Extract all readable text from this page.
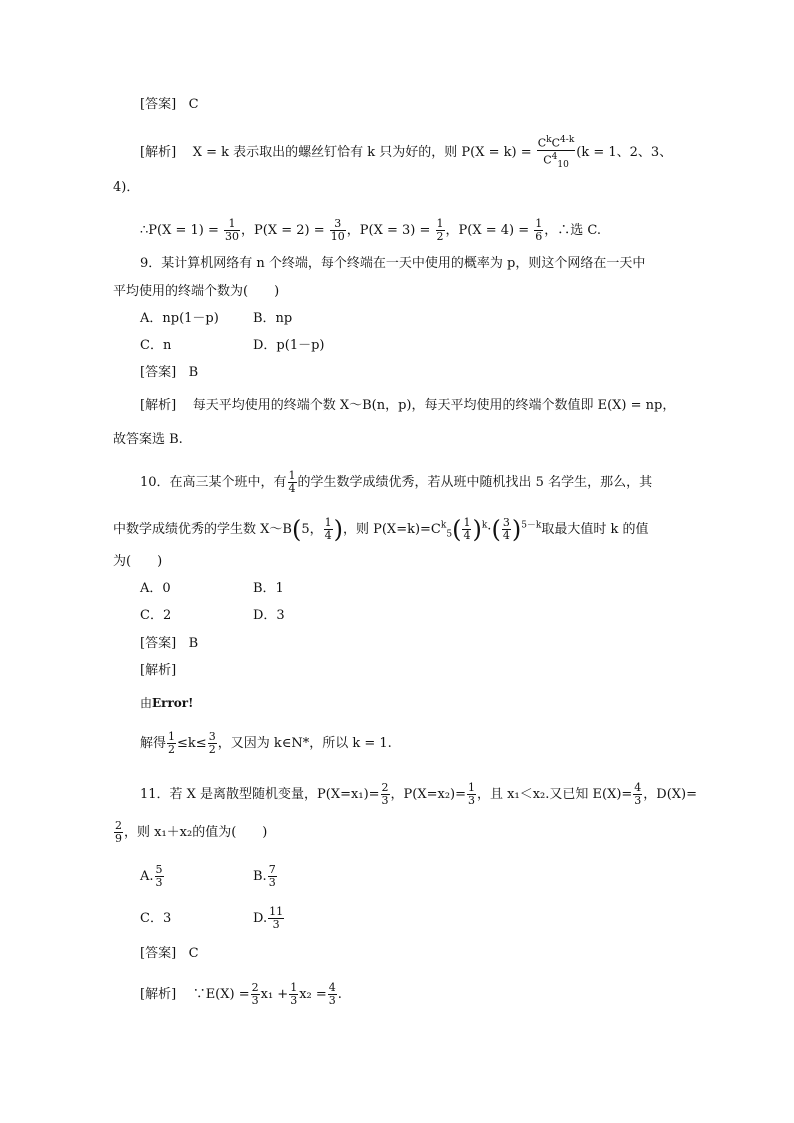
[答案] C
[解析] X = k 表示取出的螺丝钉恰有 k 只为好的，则 $P(X = k) = \frac{C^kC^{4-k}}{C^4_{10}} (k = 1$、2、3、
4)．
∴P(X = $1) = \frac{1}{30}$ ，$P(X = 2) = \frac{3}{10}$ ，$P(X = 3) = \frac{1}{2}$ ，$P(X = 4) = \frac{1}{6}$ ，∴选 C.
9．某计算机网络有 n 个终端，每个终端在一天中使用的概率为 p，则这个网络在一天中
平均使用的终端个数为(　　)
A．np(1－p)	B．np
C．n	D．p(1－p)
[答案] B
[解析] 每天平均使用的终端个数 X～B(n，p)，每天平均使用的终端个数值即 E(X) = np，
故答案选 B.
10．在高三某个班中，有 $\frac{1}{4}$ 的学生数学成绩优秀，若从班中随机找出 5 名学生，那么，其
中数学成绩优秀的学生数 X～B(5， $\frac{1}{4}$ )，则 $P(X=k)=C^k_5( \frac{1}{4} )^k\cdot( \frac{3}{4} )^{5-k}$取最大值时 k 的值
为(　　)
A．0	B．1
C．2	D．3
[答案] B
[解析]
由Error!
解得 $\frac{1}{2} \le k\le \frac{3}{2}$ ，又因为 k∈N*，所以 k = 1.
11．若 X 是离散型随机变量，$P(X=x_1)= \frac{2}{3}$ ，$P(X=x_2)= \frac{1}{3}$ ，且 x₁＜x₂.又已知 $E(X)= \frac{4}{3}$ ，D(X)=
$\frac{2}{9}$ ，则 x₁＋x₂的值为(　　)
A. $\frac{5}{3}$	B. $\frac{7}{3}$
C．3	D. $\frac{11}{3}$
[答案] C
[解析] ∵E(X) = $\frac{2}{3} x_1 + \frac{1}{3} x_2 = \frac{4}{3}$ .
